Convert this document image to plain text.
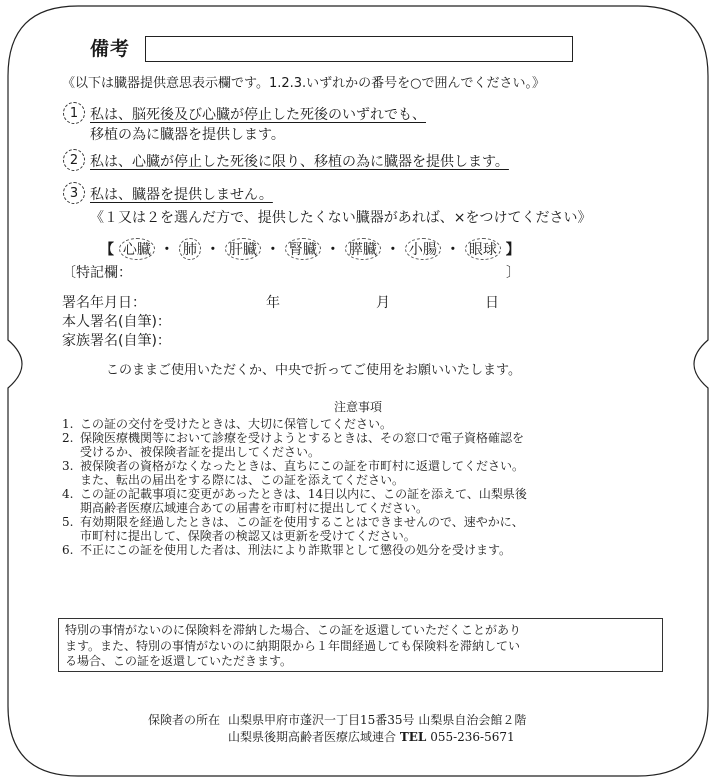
備考
《以下は臓器提供意思表示欄です。1.2.3.いずれかの番号を○で囲んでください。》
1 私は、脳死後及び心臓が停止した死後のいずれでも、
移植の為に臓器を提供します。
2 私は、心臓が停止した死後に限り、移植の為に臓器を提供します。
3 私は、臓器を提供しません。
《１又は２を選んだ方で、提供したくない臓器があれば、×をつけてください》
【 心臓 ・ 肺 ・ 肝臓 ・ 腎臓 ・ 膵臓 ・ 小腸 ・ 眼球 】
〔特記欄：	〕
署名年月日：	年	月	日
本人署名(自筆)：
家族署名(自筆)：
このままご使用いただくか、中央で折ってご使用をお願いいたします。
注意事項
1. この証の交付を受けたときは、大切に保管してください。
2. 保険医療機関等において診療を受けようとするときは、その窓口で電子資格確認を
受けるか、被保険者証を提出してください。
3. 被保険者の資格がなくなったときは、直ちにこの証を市町村に返還してください。
また、転出の届出をする際には、この証を添えてください。
4. この証の記載事項に変更があったときは、14日以内に、この証を添えて、山梨県後
期高齢者医療広域連合あての届書を市町村に提出してください。
5. 有効期限を経過したときは、この証を使用することはできませんので、速やかに、
市町村に提出して、保険者の検認又は更新を受けてください。
6. 不正にこの証を使用した者は、刑法により詐欺罪として懲役の処分を受けます。
特別の事情がないのに保険料を滞納した場合、この証を返還していただくことがあり
ます。また、特別の事情がないのに納期限から１年間経過しても保険料を滞納してい
る場合、この証を返還していただきます。
保険者の所在 山梨県甲府市蓬沢一丁目15番35号 山梨県自治会館２階
山梨県後期高齢者医療広域連合 TEL 055-236-5671
